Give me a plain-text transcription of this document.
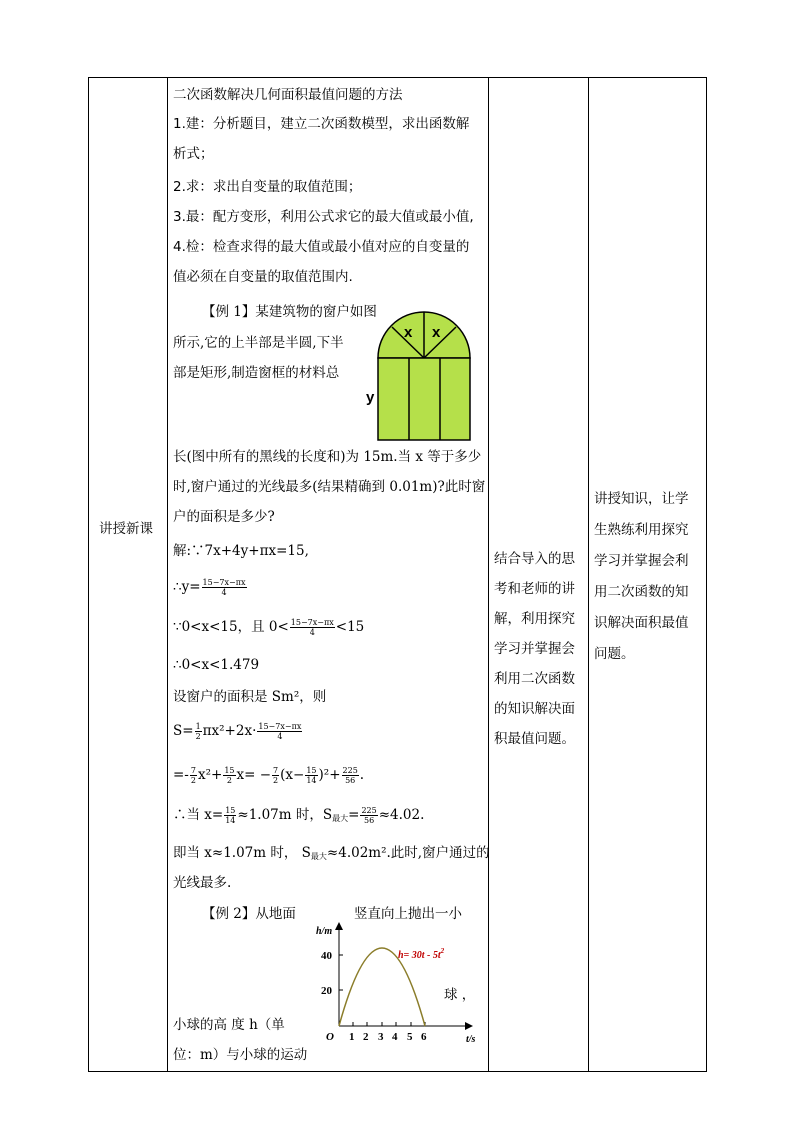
讲授新课
二次函数解决几何面积最值问题的方法
1.建：分析题目，建立二次函数模型，求出函数解
析式；
2.求：求出自变量的取值范围；
3.最：配方变形，利用公式求它的最大值或最小值,
4.检：检查求得的最大值或最小值对应的自变量的
值必须在自变量的取值范围内.
【例 1】某建筑物的窗户如图
所示,它的上半部是半圆,下半
部是矩形,制造窗框的材料总
x x
y
长(图中所有的黑线的长度和)为 15m.当 x 等于多少
时,窗户通过的光线最多(结果精确到 0.01m)?此时窗
户的面积是多少?
解:∵7x+4y+πx=15,
∴y= $\frac{15-7x-\pi x}{4}$
∵0<x<15，且 $0< \frac{15-7x-\pi x}{4} <15$
∴0<x<1.479
设窗户的面积是 Sm²，则
$S= \frac{1}{2} \pi x^2+2x\cdot \frac{15-7x-\pi x}{4}$
=- $\frac{7}{2} x^2+ \frac{15}{2} x= - \frac{7}{2} (x- \frac{15}{14} )^2+ \frac{225}{56}$ .
∴当 $x= \frac{15}{14} \approx 1.07m$ 时，S最大= $\frac{225}{56} \approx 4.02$.
即当 x≈1.07m 时， S最大≈4.02m².此时,窗户通过的
光线最多.
【例 2】从地面	竖直向上抛出一小
h/m
t/s
O
40
20
1 2 3 4 5 6
$h= 30t - 5t^2$
球 ，
小球的高 度 h（单
位：m）与小球的运动
结合导入的思
考和老师的讲
解，利用探究
学习并掌握会
利用二次函数
的知识解决面
积最值问题。
讲授知识，让学
生熟练利用探究
学习并掌握会利
用二次函数的知
识解决面积最值
问题。
